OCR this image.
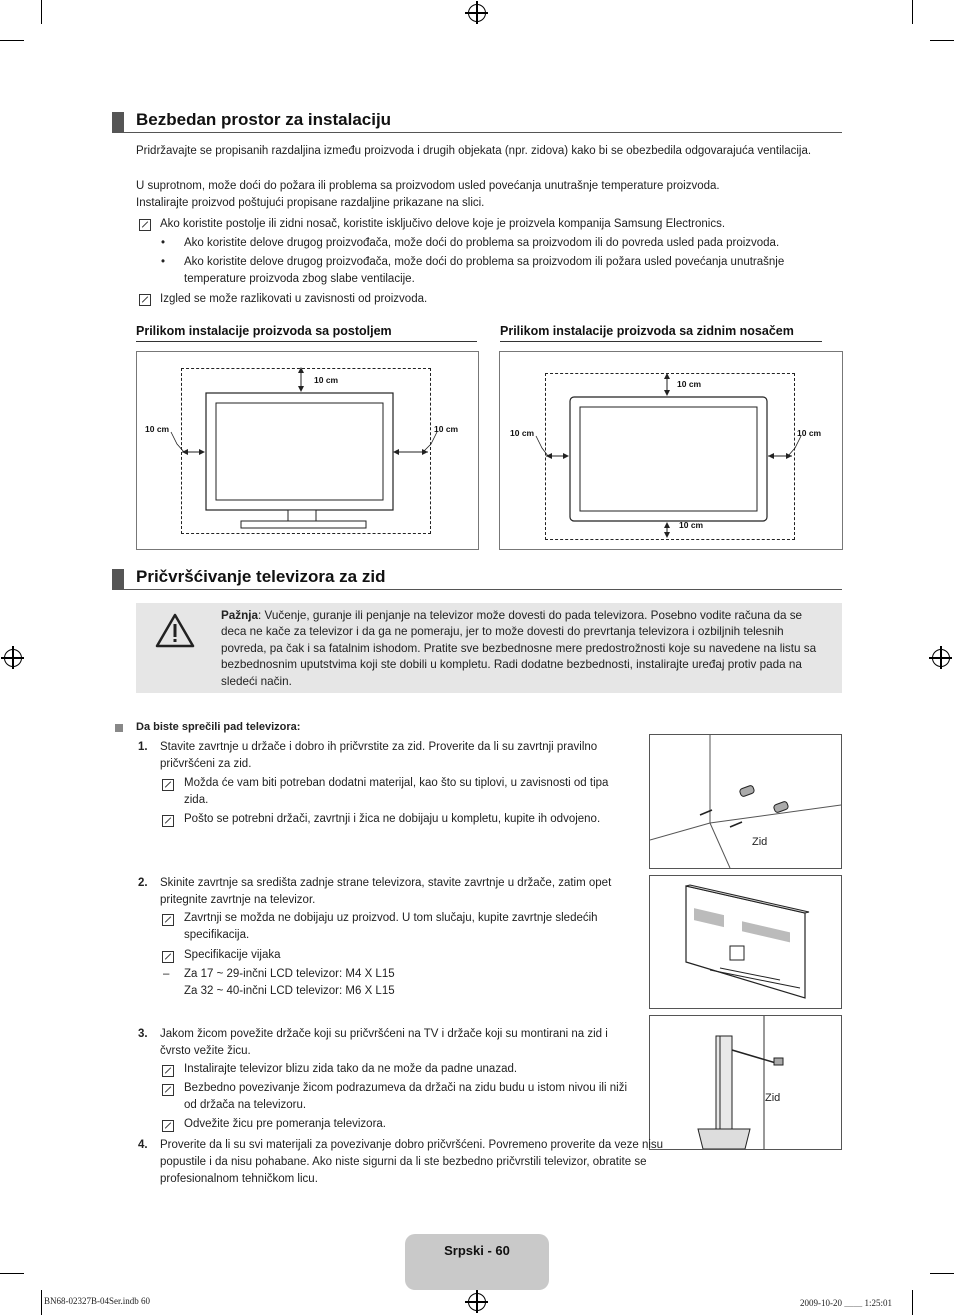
Bezbedan prostor za instalaciju
Pridržavajte se propisanih razdaljina između proizvoda i drugih objekata (npr. zidova) kako bi se obezbedila odgovarajuća ventilacija.
U suprotnom, može doći do požara ili problema sa proizvodom usled povećanja unutrašnje temperature proizvoda.
Instalirajte proizvod poštujući propisane razdaljine prikazane na slici.
Ako koristite postolje ili zidni nosač, koristite isključivo delove koje je proizvela kompanija Samsung Electronics.
• Ako koristite delove drugog proizvođača, može doći do problema sa proizvodom ili do povreda usled pada proizvoda.
• Ako koristite delove drugog proizvođača, može doći do problema sa proizvodom ili požara usled povećanja unutrašnje temperature proizvoda zbog slabe ventilacije.
Izgled se može razlikovati u zavisnosti od proizvoda.
Prilikom instalacije proizvoda sa postoljem
10 cm
10 cm	10 cm
Prilikom instalacije proizvoda sa zidnim nosačem
10 cm
10 cm	10 cm
10 cm
Pričvršćivanje televizora za zid
Pažnja: Vučenje, guranje ili penjanje na televizor može dovesti do pada televizora. Posebno vodite računa da se deca ne kače za televizor i da ga ne pomeraju, jer to može dovesti do prevrtanja televizora i ozbiljnih telesnih povreda, pa čak i sa fatalnim ishodom. Pratite sve bezbednosne mere predostrožnosti koje su navedene na listu sa bezbednosnim uputstvima koji ste dobili u kompletu. Radi dodatne bezbednosti, instalirajte uređaj protiv pada na sledeći način.
Da biste sprečili pad televizora:
1. Stavite zavrtnje u držače i dobro ih pričvrstite za zid. Proverite da li su zavrtnji pravilno pričvršćeni za zid.
Možda će vam biti potreban dodatni materijal, kao što su tiplovi, u zavisnosti od tipa zida.
Pošto se potrebni držači, zavrtnji i žica ne dobijaju u kompletu, kupite ih odvojeno.
Zid
2. Skinite zavrtnje sa središta zadnje strane televizora, stavite zavrtnje u držače, zatim opet pritegnite zavrtnje na televizor.
Zavrtnji se možda ne dobijaju uz proizvod. U tom slučaju, kupite zavrtnje sledećih specifikacija.
Specifikacije vijaka
– Za 17 ~ 29-inčni LCD televizor: M4 X L15
Za 32 ~ 40-inčni LCD televizor: M6 X L15
3. Jakom žicom povežite držače koji su pričvršćeni na TV i držače koji su montirani na zid i čvrsto vežite žicu.
Instalirajte televizor blizu zida tako da ne može da padne unazad.
Bezbedno povezivanje žicom podrazumeva da držači na zidu budu u istom nivou ili niži od držača na televizoru.
Odvežite žicu pre pomeranja televizora.
Zid
4. Proverite da li su svi materijali za povezivanje dobro pričvršćeni. Povremeno proverite da veze nisu popustile i da nisu pohabane. Ako niste sigurni da li ste bezbedno pričvrstili televizor, obratite se profesionalnom tehničkom licu.
Srpski - 60
BN68-02327B-04Ser.indb 60	2009-10-20 ＿＿ 1:25:01
